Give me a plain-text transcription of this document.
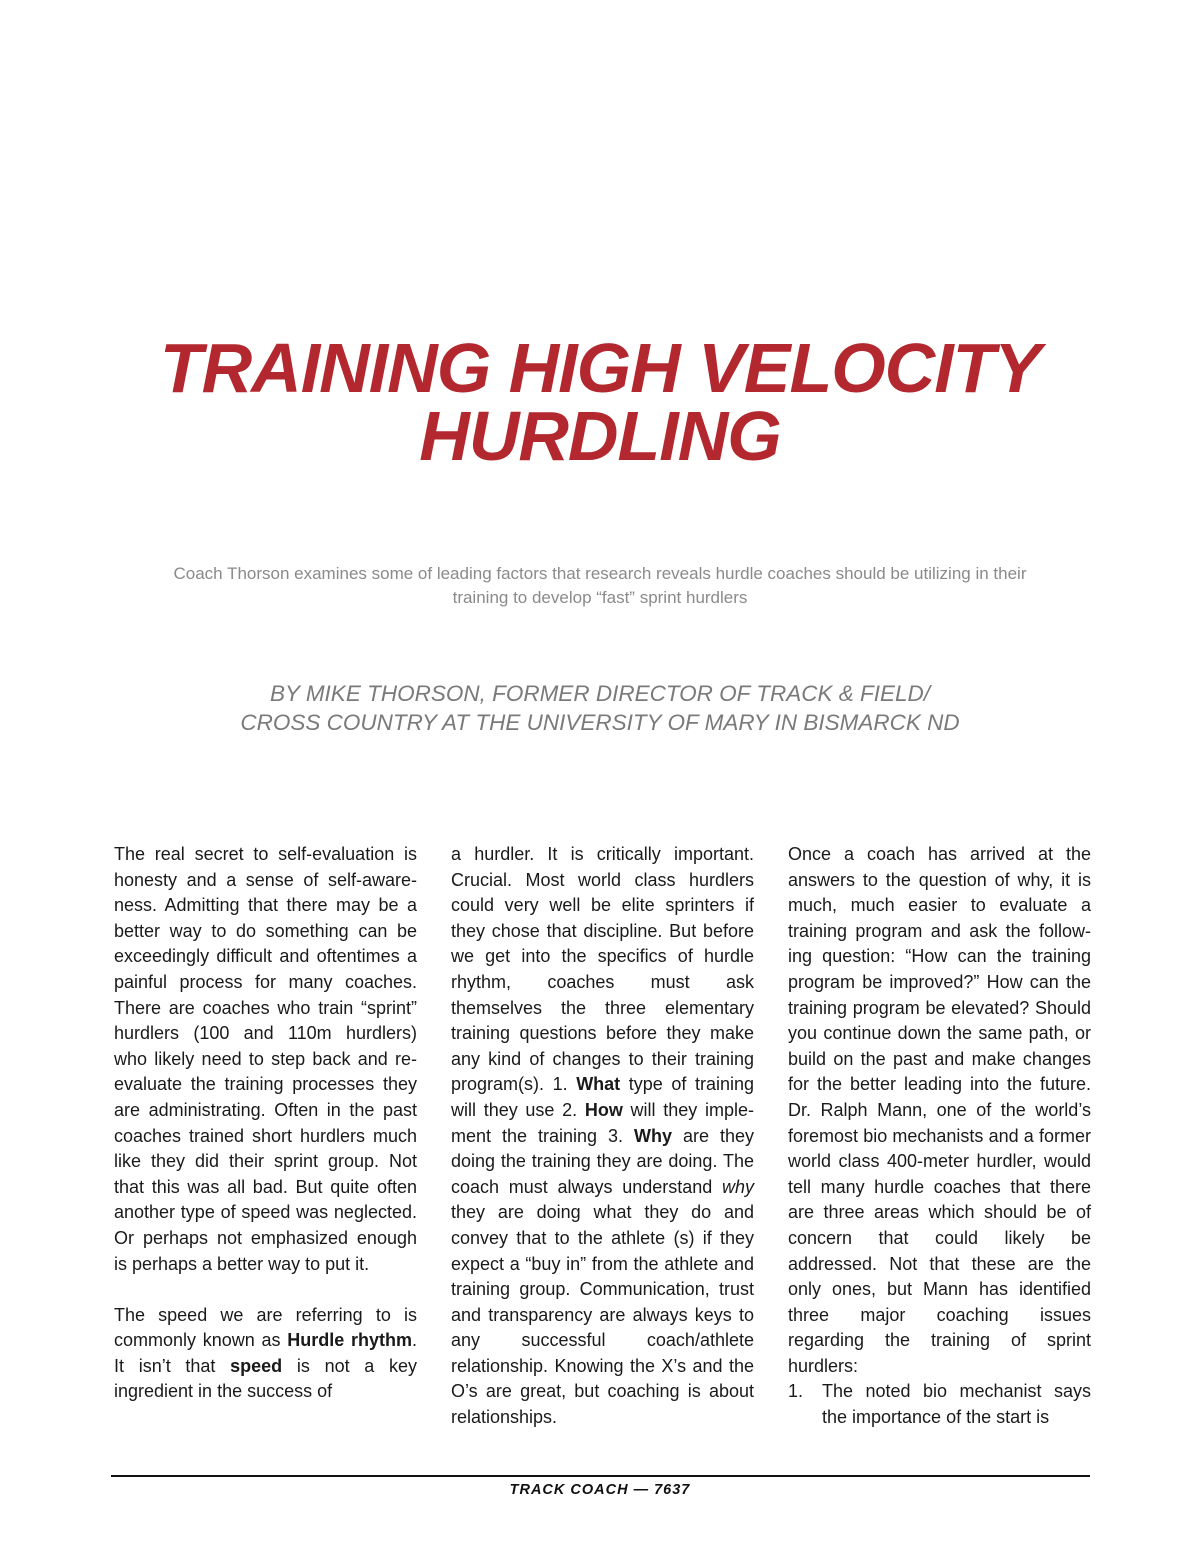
TRAINING HIGH VELOCITY
HURDLING

Coach Thorson examines some of leading factors that research reveals hurdle coaches should be utilizing in their training to develop “fast” sprint hurdlers

BY MIKE THORSON, FORMER DIRECTOR OF TRACK & FIELD/
CROSS COUNTRY AT THE UNIVERSITY OF MARY IN BISMARCK ND

The real secret to self-evaluation is honesty and a sense of self-awareness. Admitting that there may be a better way to do something can be exceedingly difficult and oftentimes a painful process for many coaches. There are coaches who train “sprint” hurdlers (100 and 110m hurdlers) who likely need to step back and re-evaluate the training processes they are administrating. Often in the past coaches trained short hurdlers much like they did their sprint group. Not that this was all bad. But quite often another type of speed was neglected. Or perhaps not emphasized enough is perhaps a better way to put it.

The speed we are referring to is commonly known as Hurdle rhythm. It isn’t that speed is not a key ingredient in the success of

a hurdler. It is critically important. Crucial. Most world class hurdlers could very well be elite sprinters if they chose that discipline. But before we get into the specifics of hurdle rhythm, coaches must ask themselves the three elementary training questions before they make any kind of changes to their training program(s). 1. What type of training will they use 2. How will they implement the training 3. Why are they doing the training they are doing. The coach must always understand why they are doing what they do and convey that to the athlete (s) if they expect a “buy in” from the athlete and training group. Communication, trust and transparency are always keys to any successful coach/athlete relationship. Knowing the X’s and the O’s are great, but coaching is about relationships.

Once a coach has arrived at the answers to the question of why, it is much, much easier to evaluate a training program and ask the following question: “How can the training program be improved?” How can the training program be elevated? Should you continue down the same path, or build on the past and make changes for the better leading into the future. Dr. Ralph Mann, one of the world’s foremost bio mechanists and a former world class 400-meter hurdler, would tell many hurdle coaches that there are three areas which should be of concern that could likely be addressed. Not that these are the only ones, but Mann has identified three major coaching issues regarding the training of sprint hurdlers:

1. The noted bio mechanist says the importance of the start is

TRACK COACH — 7637
